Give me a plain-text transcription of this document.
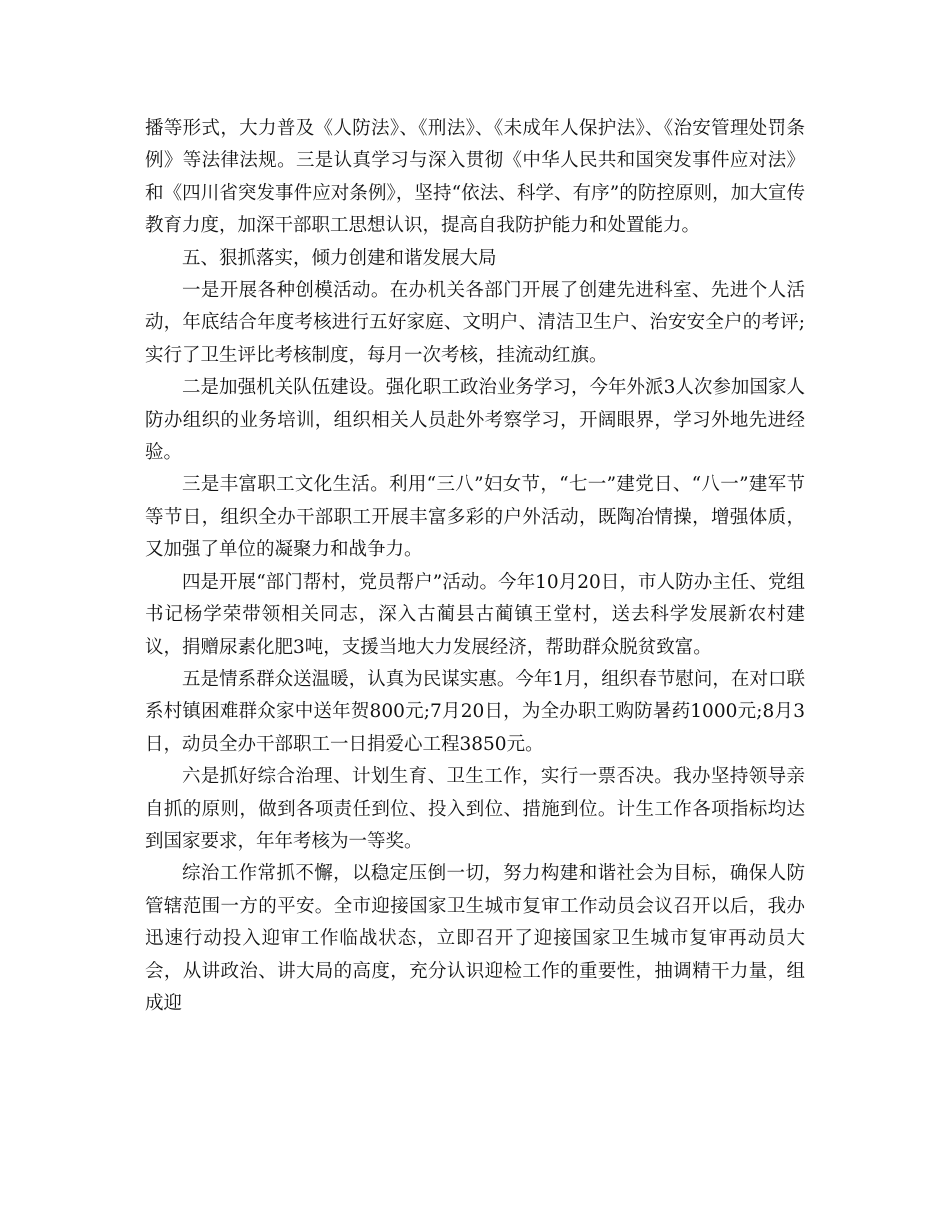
播等形式，大力普及《人防法》、《刑法》、《未成年人保护法》、《治安管理处罚条例》等法律法规。三是认真学习与深入贯彻《中华人民共和国突发事件应对法》和《四川省突发事件应对条例》，坚持“依法、科学、有序”的防控原则，加大宣传教育力度，加深干部职工思想认识，提高自我防护能力和处置能力。

五、狠抓落实，倾力创建和谐发展大局

一是开展各种创模活动。在办机关各部门开展了创建先进科室、先进个人活动，年底结合年度考核进行五好家庭、文明户、清洁卫生户、治安安全户的考评;实行了卫生评比考核制度，每月一次考核，挂流动红旗。

二是加强机关队伍建设。强化职工政治业务学习，今年外派3人次参加国家人防办组织的业务培训，组织相关人员赴外考察学习，开阔眼界，学习外地先进经验。

三是丰富职工文化生活。利用“三八”妇女节，“七一”建党日、“八一”建军节等节日，组织全办干部职工开展丰富多彩的户外活动，既陶冶情操，增强体质，又加强了单位的凝聚力和战争力。

四是开展“部门帮村，党员帮户”活动。今年10月20日，市人防办主任、党组书记杨学荣带领相关同志，深入古蔺县古蔺镇王堂村，送去科学发展新农村建议，捐赠尿素化肥3吨，支援当地大力发展经济，帮助群众脱贫致富。

五是情系群众送温暖，认真为民谋实惠。今年1月，组织春节慰问，在对口联系村镇困难群众家中送年贺800元;7月20日，为全办职工购防暑药1000元;8月3日，动员全办干部职工一日捐爱心工程3850元。

六是抓好综合治理、计划生育、卫生工作，实行一票否决。我办坚持领导亲自抓的原则，做到各项责任到位、投入到位、措施到位。计生工作各项指标均达到国家要求，年年考核为一等奖。

综治工作常抓不懈，以稳定压倒一切，努力构建和谐社会为目标，确保人防管辖范围一方的平安。全市迎接国家卫生城市复审工作动员会议召开以后，我办迅速行动投入迎审工作临战状态，立即召开了迎接国家卫生城市复审再动员大会，从讲政治、讲大局的高度，充分认识迎检工作的重要性，抽调精干力量，组成迎
